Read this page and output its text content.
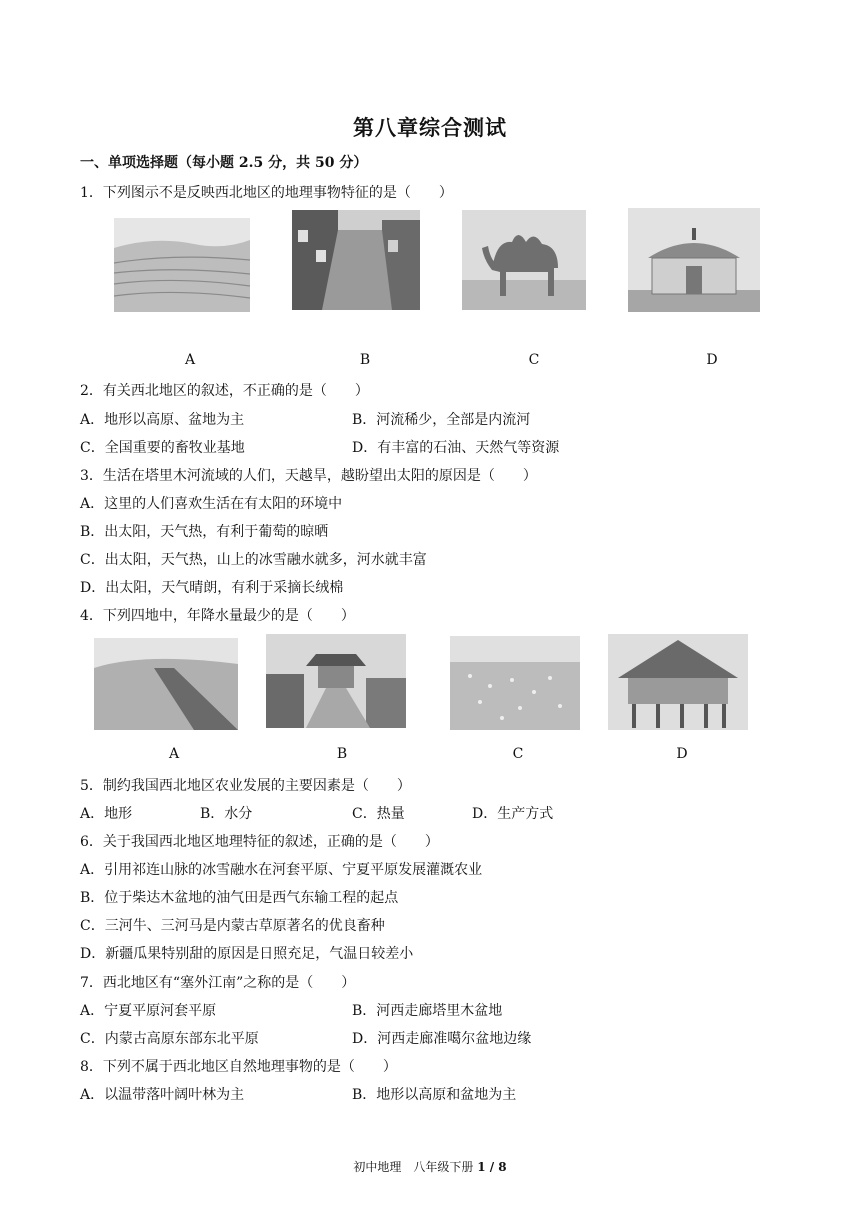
第八章综合测试
一、单项选择题（每小题 2.5 分，共 50 分）
1．下列图示不是反映西北地区的地理事物特征的是（　　）
A	B	C	D
2．有关西北地区的叙述，不正确的是（　　）
A．地形以高原、盆地为主	B．河流稀少，全部是内流河
C．全国重要的畜牧业基地	D．有丰富的石油、天然气等资源
3．生活在塔里木河流域的人们，天越旱，越盼望出太阳的原因是（　　）
A．这里的人们喜欢生活在有太阳的环境中
B．出太阳，天气热，有利于葡萄的晾晒
C．出太阳，天气热，山上的冰雪融水就多，河水就丰富
D．出太阳，天气晴朗，有利于采摘长绒棉
4．下列四地中，年降水量最少的是（　　）
A	B	C	D
5．制约我国西北地区农业发展的主要因素是（　　）
A．地形	B．水分	C．热量	D．生产方式
6．关于我国西北地区地理特征的叙述，正确的是（　　）
A．引用祁连山脉的冰雪融水在河套平原、宁夏平原发展灌溉农业
B．位于柴达木盆地的油气田是西气东输工程的起点
C．三河牛、三河马是内蒙古草原著名的优良畜种
D．新疆瓜果特别甜的原因是日照充足，气温日较差小
7．西北地区有“塞外江南”之称的是（　　）
A．宁夏平原河套平原	B．河西走廊塔里木盆地
C．内蒙古高原东部东北平原	D．河西走廊准噶尔盆地边缘
8．下列不属于西北地区自然地理事物的是（　　）
A．以温带落叶阔叶林为主	B．地形以高原和盆地为主
初中地理　八年级下册 1 / 8
